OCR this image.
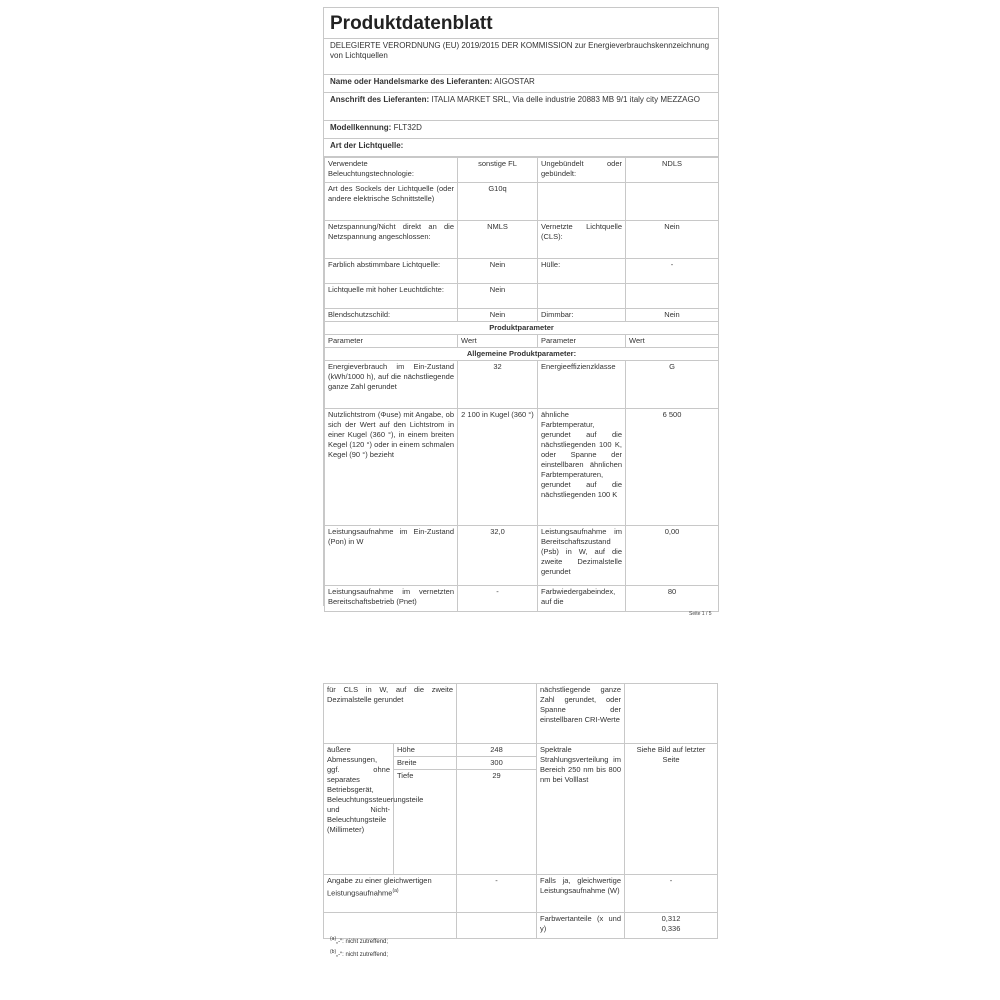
Produktdatenblatt
DELEGIERTE VERORDNUNG (EU) 2019/2015 DER KOMMISSION zur Energieverbrauchskennzeichnung von Lichtquellen
Name oder Handelsmarke des Lieferanten: AIGOSTAR
Anschrift des Lieferanten: ITALIA MARKET SRL, Via delle industrie 20883 MB 9/1 italy city MEZZAGO
Modellkennung: FLT32D
Art der Lichtquelle:
Verwendete Beleuchtungstechnologie:	sonstige FL	Ungebündelt oder gebündelt:	NDLS
Art des Sockels der Lichtquelle (oder andere elektrische Schnittstelle)	G10q		
Netzspannung/Nicht direkt an die Netzspannung angeschlossen:	NMLS	Vernetzte Lichtquelle (CLS):	Nein
Farblich abstimmbare Lichtquelle:	Nein	Hülle:	-
Lichtquelle mit hoher Leuchtdichte:	Nein		
Blendschutzschild:	Nein	Dimmbar:	Nein
Produktparameter			
Parameter	Wert	Parameter	Wert
Allgemeine Produktparameter:			
Energieverbrauch im Ein-Zustand (kWh/1000 h), auf die nächstliegende ganze Zahl gerundet	32	Energieeffizienzklasse	G
Nutzlichtstrom (Φuse) mit Angabe, ob sich der Wert auf den Lichtstrom in einer Kugel (360 °), in einem breiten Kegel (120 °) oder in einem schmalen Kegel (90 °) bezieht	2 100 in Kugel (360 °)	ähnliche Farbtemperatur, gerundet auf die nächstliegenden 100 K, oder Spanne der einstellbaren ähnlichen Farbtemperaturen, gerundet auf die nächstliegenden 100 K	6 500
Leistungsaufnahme im Ein-Zustand (Pon) in W	32,0	Leistungsaufnahme im Bereitschaftszustand (Psb) in W, auf die zweite Dezimalstelle gerundet	0,00
Leistungsaufnahme im vernetzten Bereitschaftsbetrieb (Pnet)	-	Farbwiedergabeindex, auf die	80
Seite 1 / 5
für CLS in W, auf die zweite Dezimalstelle gerundet			nächstliegende ganze Zahl gerundet, oder Spanne der einstellbaren CRI-Werte	
äußere Abmessungen, ggf. ohne separates Betriebsgerät, Beleuchtungssteuerungsteile und Nicht-Beleuchtungsteile (Millimeter)	Höhe	248	Spektrale Strahlungsverteilung im Bereich 250 nm bis 800 nm bei Volllast	Siehe Bild auf letzter Seite
	Breite	300		
	Tiefe	29		
Angabe zu einer gleichwertigen Leistungsaufnahme$^{(a)}$		-	Falls ja, gleichwertige Leistungsaufnahme (W)	-
			Farbwertanteile (x und y)	0,312
0,336
$^{(a)}$„-“: nicht zutreffend;
$^{(b)}$„-“: nicht zutreffend;
